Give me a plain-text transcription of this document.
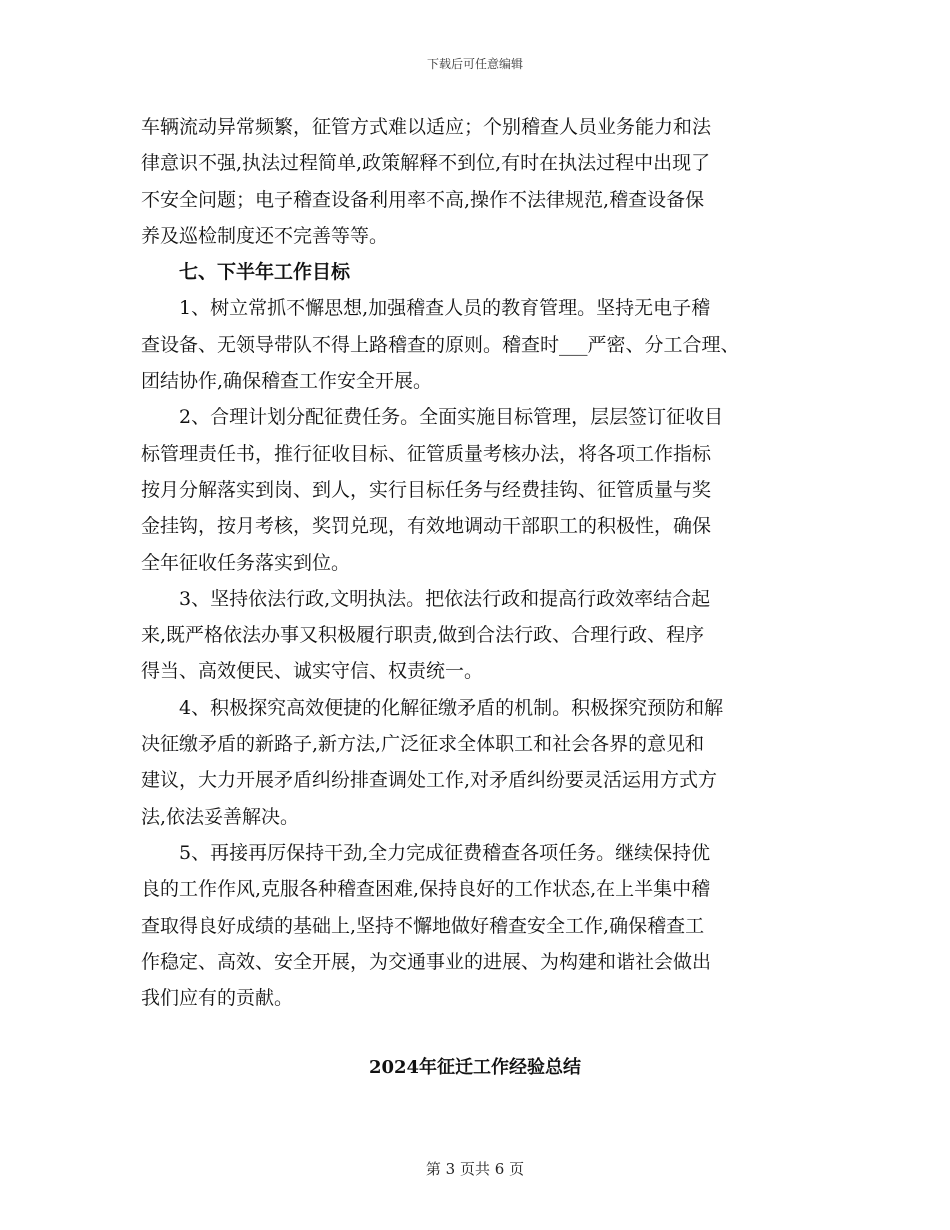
下载后可任意编辑
车辆流动异常频繁，征管方式难以适应；个别稽查人员业务能力和法
律意识不强,执法过程简单,政策解释不到位,有时在执法过程中出现了
不安全问题；电子稽查设备利用率不高,操作不法律规范,稽查设备保
养及巡检制度还不完善等等。
七、下半年工作目标
1、树立常抓不懈思想,加强稽查人员的教育管理。坚持无电子稽
查设备、无领导带队不得上路稽查的原则。稽查时___严密、分工合理、
团结协作,确保稽查工作安全开展。
2、合理计划分配征费任务。全面实施目标管理，层层签订征收目
标管理责任书，推行征收目标、征管质量考核办法，将各项工作指标
按月分解落实到岗、到人，实行目标任务与经费挂钩、征管质量与奖
金挂钩，按月考核，奖罚兑现，有效地调动干部职工的积极性，确保
全年征收任务落实到位。
3、坚持依法行政,文明执法。把依法行政和提高行政效率结合起
来,既严格依法办事又积极履行职责,做到合法行政、合理行政、程序
得当、高效便民、诚实守信、权责统一。
4、积极探究高效便捷的化解征缴矛盾的机制。积极探究预防和解
决征缴矛盾的新路子,新方法,广泛征求全体职工和社会各界的意见和
建议，大力开展矛盾纠纷排查调处工作,对矛盾纠纷要灵活运用方式方
法,依法妥善解决。
5、再接再厉保持干劲,全力完成征费稽查各项任务。继续保持优
良的工作作风,克服各种稽查困难,保持良好的工作状态,在上半集中稽
查取得良好成绩的基础上,坚持不懈地做好稽查安全工作,确保稽查工
作稳定、高效、安全开展，为交通事业的进展、为构建和谐社会做出
我们应有的贡献。
2024年征迁工作经验总结
第 3 页共 6 页
